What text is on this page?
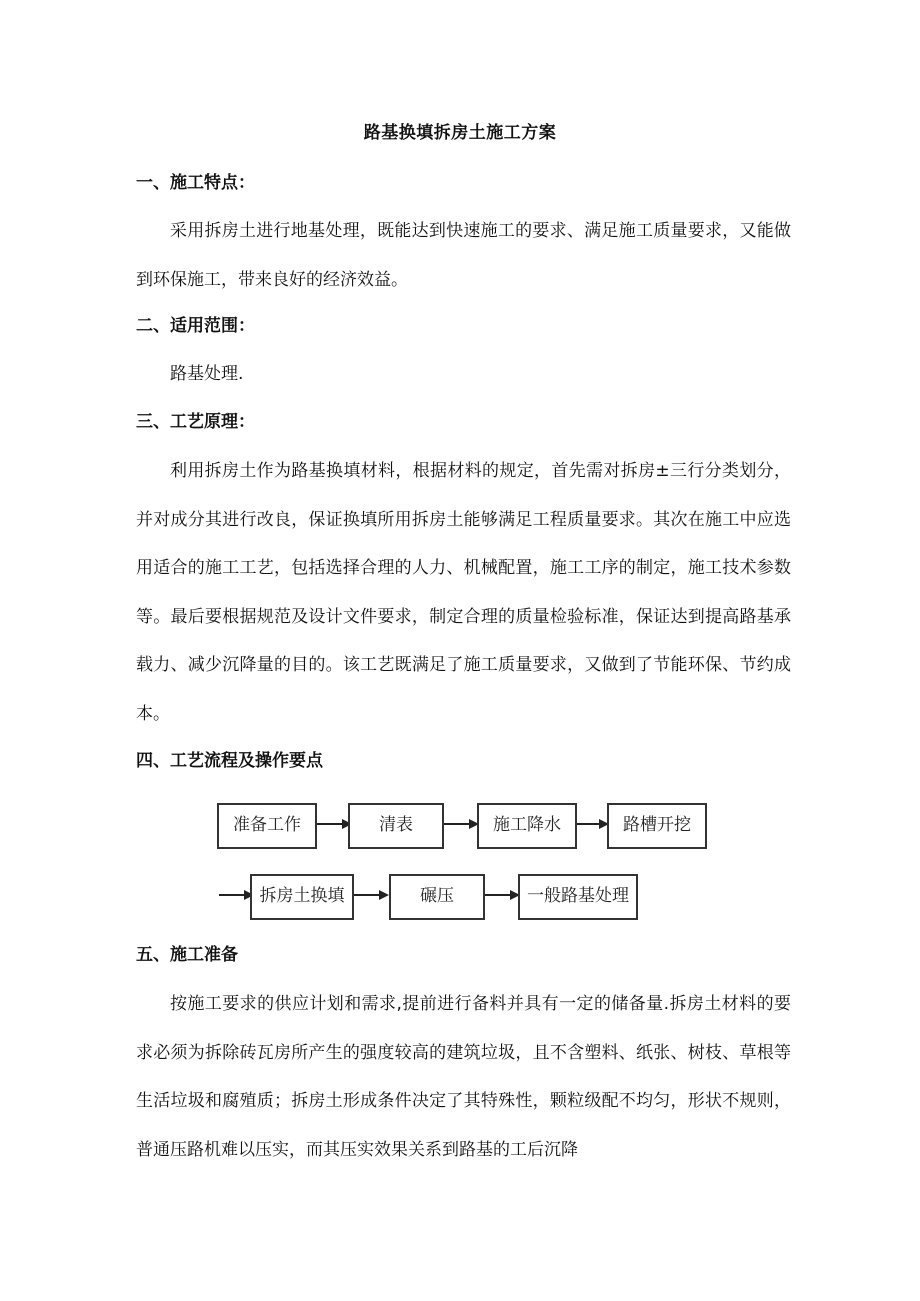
路基换填拆房土施工方案
一、施工特点：

采用拆房土进行地基处理，既能达到快速施工的要求、满足施工质量要求，又能做到环保施工，带来良好的经济效益。

二、适用范围：

路基处理.

三、工艺原理：

利用拆房土作为路基换填材料，根据材料的规定，首先需对拆房±三行分类划分，并对成分其进行改良，保证换填所用拆房土能够满足工程质量要求。其次在施工中应选用适合的施工工艺，包括选择合理的人力、机械配置，施工工序的制定，施工技术参数等。最后要根据规范及设计文件要求，制定合理的质量检验标准，保证达到提高路基承载力、减少沉降量的目的。该工艺既满足了施工质量要求，又做到了节能环保、节约成本。

四、工艺流程及操作要点
准备工作	清表	施工降水	路槽开挖
拆房土换填	碾压	一般路基处理
五、施工准备

按施工要求的供应计划和需求,提前进行备料并具有一定的储备量.拆房土材料的要求必须为拆除砖瓦房所产生的强度较高的建筑垃圾，且不含塑料、纸张、树枝、草根等生活垃圾和腐殖质；拆房土形成条件决定了其特殊性，颗粒级配不均匀，形状不规则，普通压路机难以压实，而其压实效果关系到路基的工后沉降
